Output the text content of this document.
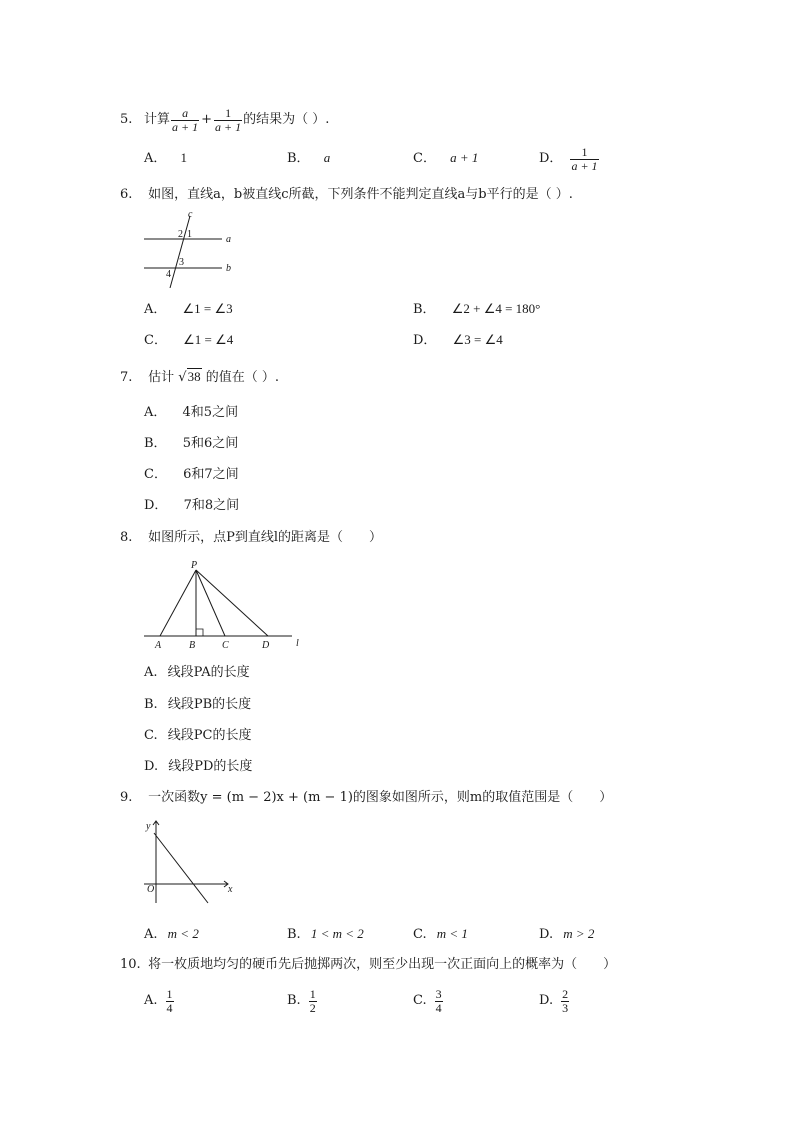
5. 计算 $\frac{a}{a + 1} + \frac{1}{a + 1}$ 的结果为（ ）.
A． 1	B． a	C． a + 1	D． $\frac{1}{a + 1}$
6. 如图，直线a，b被直线c所截，下列条件不能判定直线a与b平行的是（ ）.
c
a
b
2 1
3
4
A． ∠1 = ∠3	B． ∠2 + ∠4 = 180°
C． ∠1 = ∠4	D． ∠3 = ∠4
7. 估计 √38 的值在（ ）.
A． 4和5之间
B． 5和6之间
C． 6和7之间
D． 7和8之间
8. 如图所示，点P到直线l的距离是（　　）
P
A	B	C	D	l
A. 线段PA的长度
B. 线段PB的长度
C. 线段PC的长度
D. 线段PD的长度
9. 一次函数y = (m − 2)x + (m − 1)的图象如图所示，则m的取值范围是（　　）
y
x
O
A. m < 2	B. 1 < m < 2	C. m < 1	D. m > 2
10. 将一枚质地均匀的硬币先后抛掷两次，则至少出现一次正面向上的概率为（　　）
A. $\frac{1}{4}$	B. $\frac{1}{2}$	C. $\frac{3}{4}$	D. $\frac{2}{3}$
